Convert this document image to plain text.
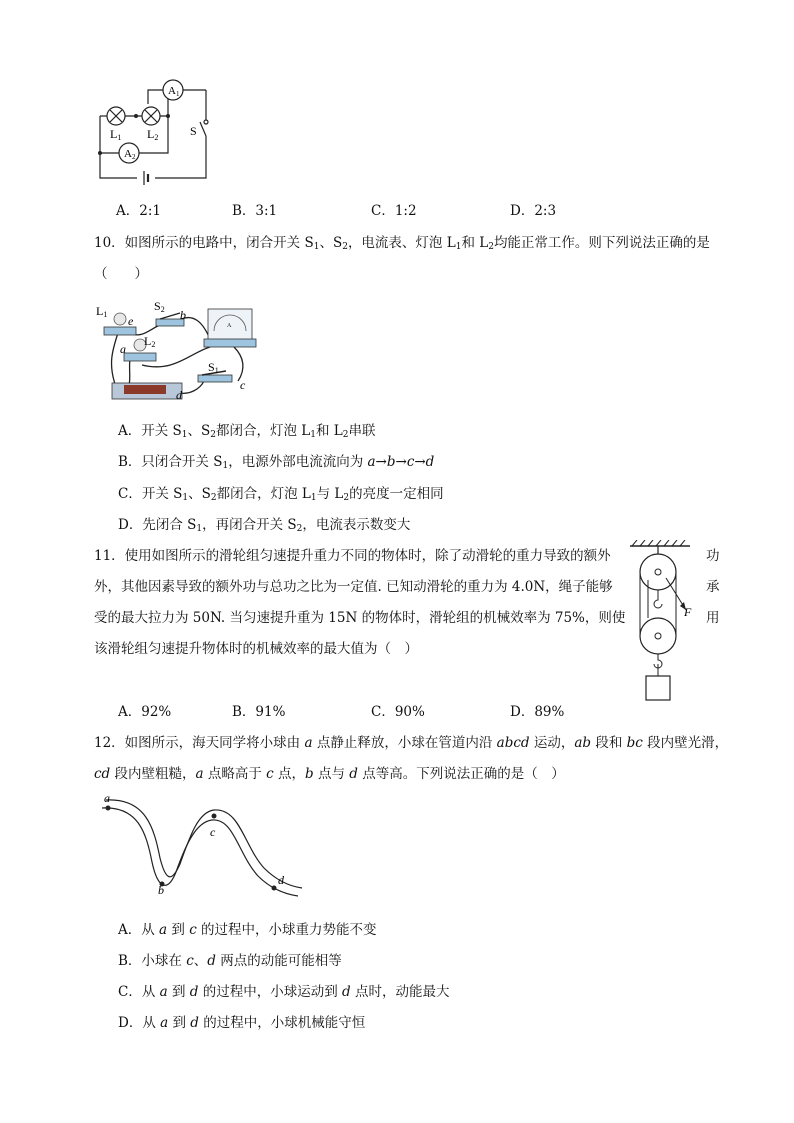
A1
A2
L1 L2	S
A．2:1	B．3:1	C．1:2	D．2:3
10．如图所示的电路中，闭合开关 $S_1$、$S_2$，电流表、灯泡 $L_1$和 $L_2$均能正常工作。则下列说法正确的是
（　　）
A
L1
L2
S2
S1
e	b
a
c
d
A．开关 $S_1$、$S_2$都闭合，灯泡 $L_1$和 $L_2$串联
B．只闭合开关 $S_1$，电源外部电流流向为 a→b→c→d
C．开关 $S_1$、$S_2$都闭合，灯泡 $L_1$与 $L_2$的亮度一定相同
D．先闭合 $S_1$，再闭合开关 $S_2$，电流表示数变大
11．使用如图所示的滑轮组匀速提升重力不同的物体时，除了动滑轮的重力导致的额外	功
外，其他因素导致的额外功与总功之比为一定值. 已知动滑轮的重力为 4.0N，绳子能够	承
受的最大拉力为 50N. 当匀速提升重为 15N 的物体时，滑轮组的机械效率为 75%，则使	用
该滑轮组匀速提升物体时的机械效率的最大值为（　）
F
A．92%	B．91%	C．90%	D．89%
12．如图所示，海天同学将小球由 a 点静止释放，小球在管道内沿 abcd 运动，ab 段和 bc 段内壁光滑，
cd 段内壁粗糙，a 点略高于 c 点，b 点与 d 点等高。下列说法正确的是（　）
a
b
c
d
A．从 a 到 c 的过程中，小球重力势能不变
B．小球在 c、d 两点的动能可能相等
C．从 a 到 d 的过程中，小球运动到 d 点时，动能最大
D．从 a 到 d 的过程中，小球机械能守恒
